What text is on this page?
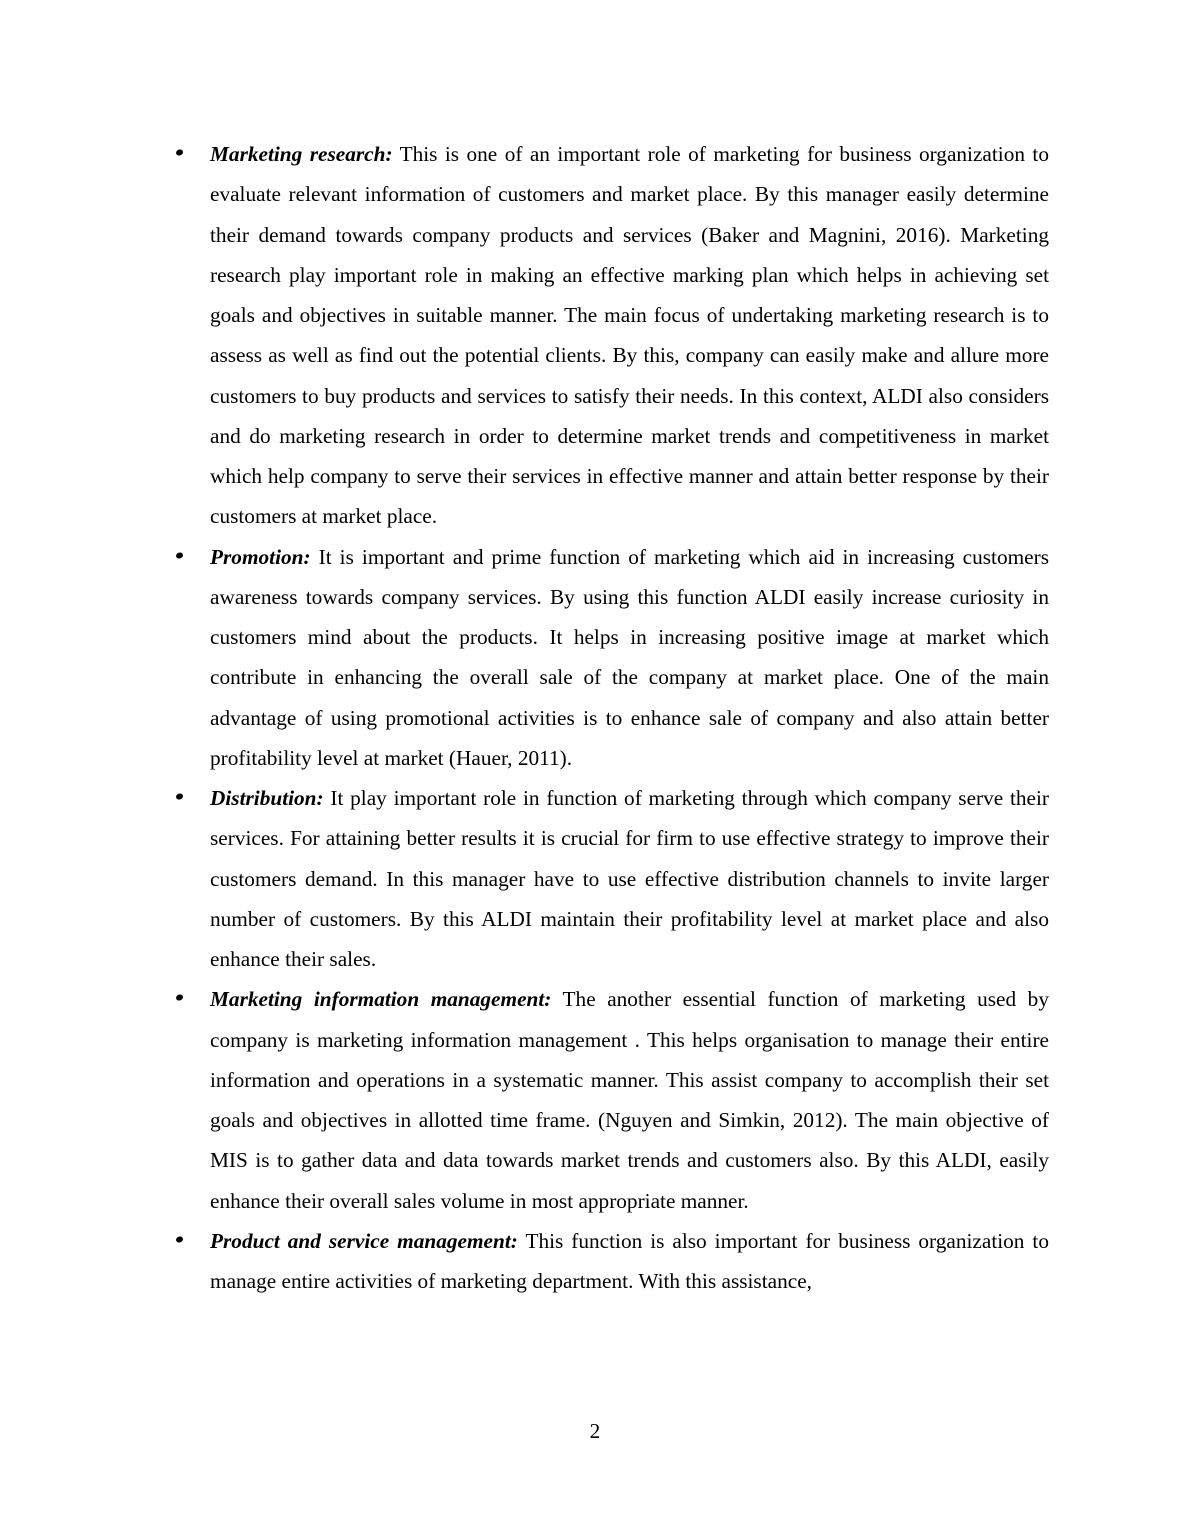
Marketing research: This is one of an important role of marketing for business organization to evaluate relevant information of customers and market place. By this manager easily determine their demand towards company products and services (Baker and Magnini, 2016). Marketing research play important role in making an effective marking plan which helps in achieving set goals and objectives in suitable manner. The main focus of undertaking marketing research is to assess as well as find out the potential clients. By this, company can easily make and allure more customers to buy products and services to satisfy their needs. In this context, ALDI also considers and do marketing research in order to determine market trends and competitiveness in market which help company to serve their services in effective manner and attain better response by their customers at market place.
Promotion: It is important and prime function of marketing which aid in increasing customers awareness towards company services. By using this function ALDI easily increase curiosity in customers mind about the products. It helps in increasing positive image at market which contribute in enhancing the overall sale of the company at market place. One of the main advantage of using promotional activities is to enhance sale of company and also attain better profitability level at market (Hauer, 2011).
Distribution: It play important role in function of marketing through which company serve their services. For attaining better results it is crucial for firm to use effective strategy to improve their customers demand. In this manager have to use effective distribution channels to invite larger number of customers. By this ALDI maintain their profitability level at market place and also enhance their sales.
Marketing information management: The another essential function of marketing used by company is marketing information management . This helps organisation to manage their entire information and operations in a systematic manner. This assist company to accomplish their set goals and objectives in allotted time frame. (Nguyen and Simkin, 2012). The main objective of MIS is to gather data and data towards market trends and customers also. By this ALDI, easily enhance their overall sales volume in most appropriate manner.
Product and service management: This function is also important for business organization to manage entire activities of marketing department. With this assistance,
2
